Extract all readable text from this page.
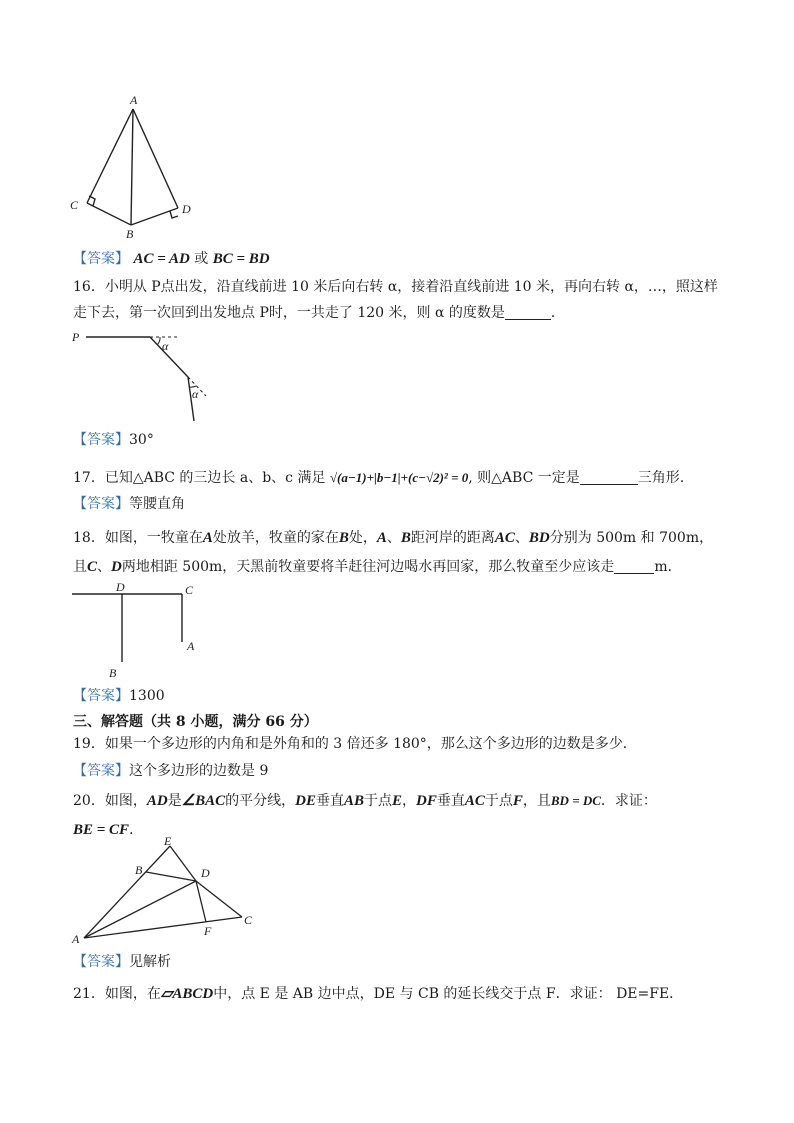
A
C
B
D
【答案】 AC = AD 或 BC = BD
16．小明从 P点出发，沿直线前进 10 米后向右转 α，接着沿直线前进 10 米，再向右转 α，…，照这样
走下去，第一次回到出发地点 P时，一共走了 120 米，则 α 的度数是	．
P
α
α
【答案】30°
17．已知△ABC 的三边长 a、b、c 满足 √(a−1)+|b−1|+(c−√2)² = 0, 则△ABC 一定是	三角形.
【答案】等腰直角
18．如图，一牧童在A处放羊，牧童的家在B处，A、B距河岸的距离AC、BD分别为 500m 和 700m，
且C、D两地相距 500m，天黑前牧童要将羊赶往河边喝水再回家，那么牧童至少应该走	m．
D	C
A
B
【答案】1300
三、解答题（共 8 小题，满分 66 分）
19．如果一个多边形的内角和是外角和的 3 倍还多 180°，那么这个多边形的边数是多少．
【答案】这个多边形的边数是 9
20．如图，AD是∠BAC的平分线，DE垂直AB于点E，DF垂直AC于点F，且BD = DC．求证：
BE = CF．
E
B	D
A
F
C
【答案】见解析
21．如图，在▱ABCD中，点 E 是 AB 边中点，DE 与 CB 的延长线交于点 F．求证： DE=FE．
